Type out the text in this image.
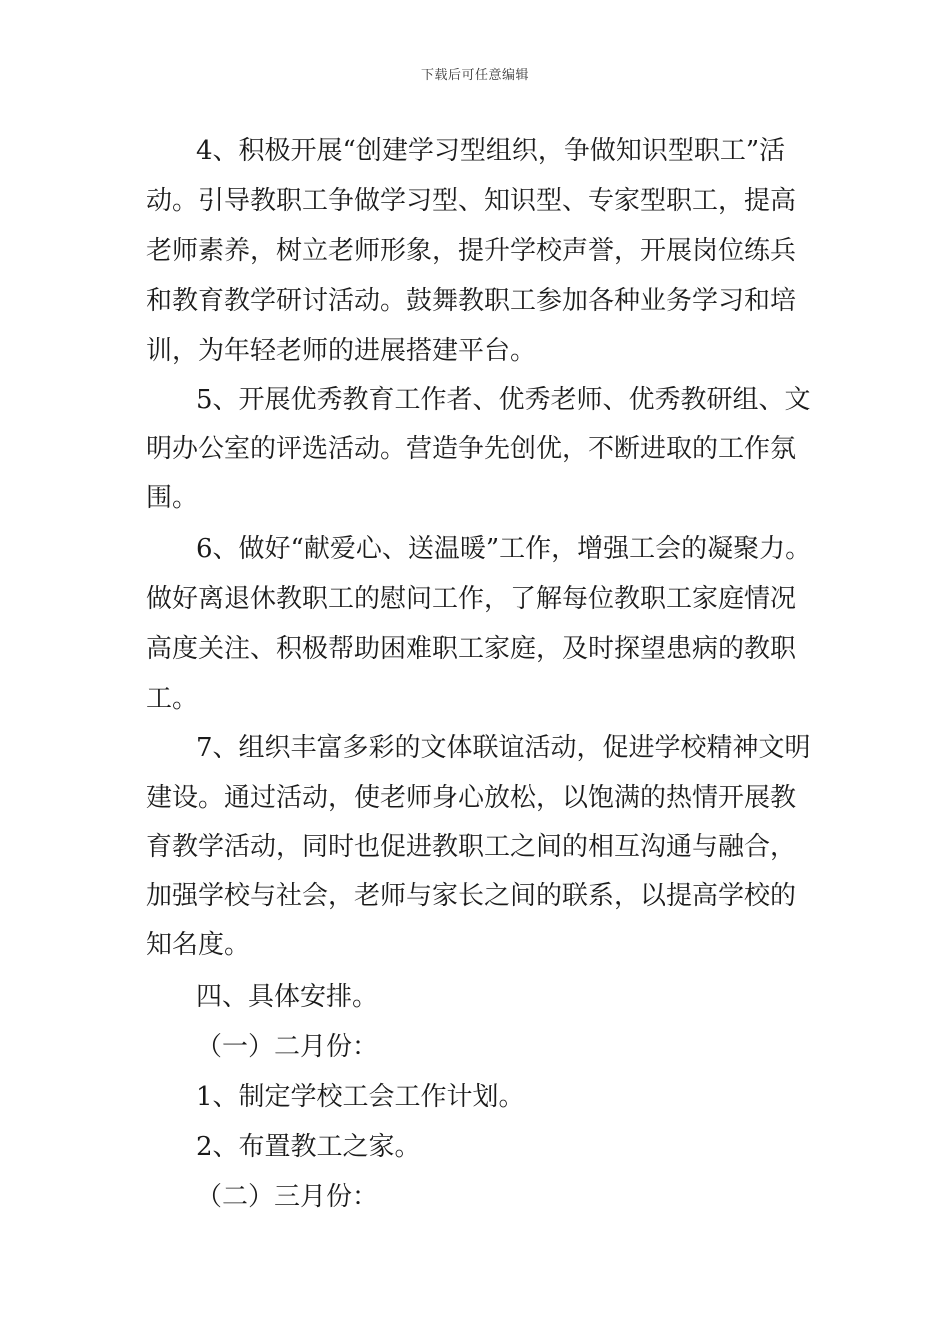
下载后可任意编辑
4、积极开展“创建学习型组织，争做知识型职工”活
动。引导教职工争做学习型、知识型、专家型职工，提高
老师素养，树立老师形象，提升学校声誉，开展岗位练兵
和教育教学研讨活动。鼓舞教职工参加各种业务学习和培
训，为年轻老师的进展搭建平台。
5、开展优秀教育工作者、优秀老师、优秀教研组、文
明办公室的评选活动。营造争先创优，不断进取的工作氛
围。
6、做好“献爱心、送温暖”工作，增强工会的凝聚力。
做好离退休教职工的慰问工作，了解每位教职工家庭情况
高度关注、积极帮助困难职工家庭，及时探望患病的教职
工。
7、组织丰富多彩的文体联谊活动，促进学校精神文明
建设。通过活动，使老师身心放松，以饱满的热情开展教
育教学活动，同时也促进教职工之间的相互沟通与融合，
加强学校与社会，老师与家长之间的联系，以提高学校的
知名度。
四、具体安排。
（一）二月份：
1、制定学校工会工作计划。
2、布置教工之家。
（二）三月份：
